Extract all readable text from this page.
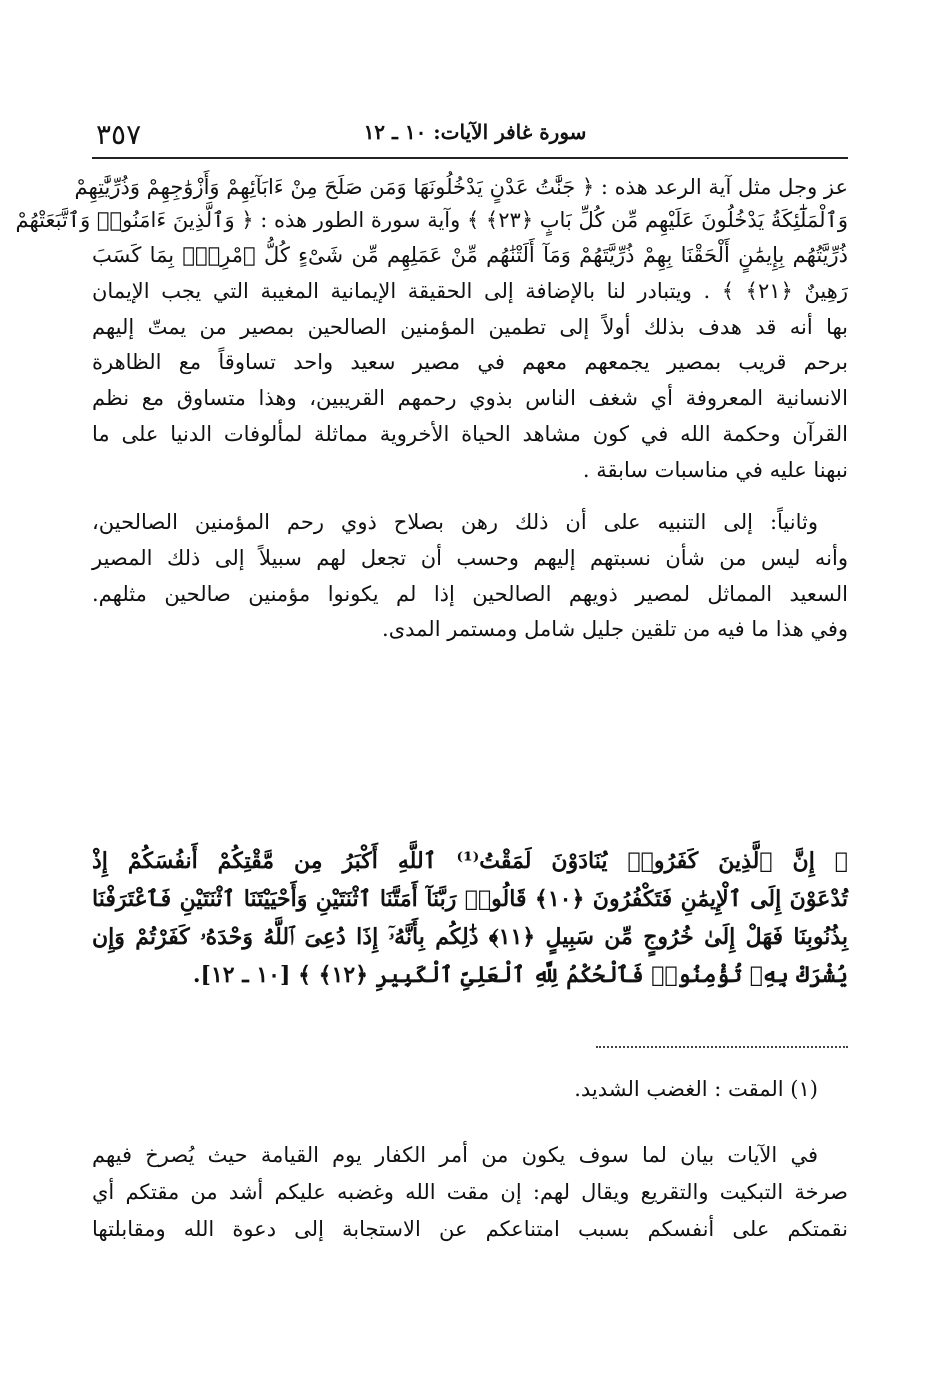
٣٥٧	سورة غافر الآيات: ١٠ ـ ١٢
عز وجل مثل آية الرعد هذه : ﴿ جَنَّٰتُ عَدْنٍ يَدْخُلُونَهَا وَمَن صَلَحَ مِنْ ءَابَآئِهِمْ وَأَزْوَٰجِهِمْ وَذُرِّيَّٰتِهِمْ
وَٱلْمَلَٰٓئِكَةُ يَدْخُلُونَ عَلَيْهِم مِّن كُلِّ بَابٍ ﴿٢٣﴾ ﴾ وآية سورة الطور هذه : ﴿ وَٱلَّذِينَ ءَامَنُوا۟ وَٱتَّبَعَتْهُمْ
ذُرِّيَّتُهُم بِإِيمَٰنٍ أَلْحَقْنَا بِهِمْ ذُرِّيَّتَهُمْ وَمَآ أَلَتْنَٰهُم مِّنْ عَمَلِهِم مِّن شَىْءٍ كُلُّ ٱمْرِئٍۭ بِمَا كَسَبَ
رَهِينٌ ﴿٢١﴾ ﴾ . ويتبادر لنا بالإضافة إلى الحقيقة الإيمانية المغيبة التي يجب الإيمان
بها أنه قد هدف بذلك أولاً إلى تطمين المؤمنين الصالحين بمصير من يمتّ إليهم
برحم قريب بمصير يجمعهم معهم في مصير سعيد واحد تساوقاً مع الظاهرة
الانسانية المعروفة أي شغف الناس بذوي رحمهم القريبين، وهذا متساوق مع نظم
القرآن وحكمة الله في كون مشاهد الحياة الأخروية مماثلة لمألوفات الدنيا على ما
نبهنا عليه في مناسبات سابقة .
وثانياً: إلى التنبيه على أن ذلك رهن بصلاح ذوي رحم المؤمنين الصالحين،
وأنه ليس من شأن نسبتهم إليهم وحسب أن تجعل لهم سبيلاً إلى ذلك المصير
السعيد المماثل لمصير ذويهم الصالحين إذا لم يكونوا مؤمنين صالحين مثلهم.
وفي هذا ما فيه من تلقين جليل شامل ومستمر المدى.
﴿ إِنَّ ٱلَّذِينَ كَفَرُوا۟ يُنَادَوْنَ لَمَقْتُ⁽¹⁾ ٱللَّهِ أَكْبَرُ مِن مَّقْتِكُمْ أَنفُسَكُمْ إِذْ
تُدْعَوْنَ إِلَى ٱلْإِيمَٰنِ فَتَكْفُرُونَ ﴿١٠﴾ قَالُوا۟ رَبَّنَآ أَمَتَّنَا ٱثْنَتَيْنِ وَأَحْيَيْتَنَا ٱثْنَتَيْنِ فَٱعْتَرَفْنَا
بِذُنُوبِنَا فَهَلْ إِلَىٰ خُرُوجٍ مِّن سَبِيلٍ ﴿١١﴾ ذَٰلِكُم بِأَنَّهُۥٓ إِذَا دُعِىَ ٱللَّهُ وَحْدَهُۥ كَفَرْتُمْ وَإِن
يُشْرَكْ بِهِۦ تُؤْمِنُوا۟ فَٱلْحُكْمُ لِلَّهِ ٱلْعَلِىِّ ٱلْكَبِيرِ ﴿١٢﴾ ﴾ [١٠ ـ ١٢].
في الآيات بيان لما سوف يكون من أمر الكفار يوم القيامة حيث يُصرخ فيهم
صرخة التبكيت والتقريع ويقال لهم: إن مقت الله وغضبه عليكم أشد من مقتكم أي
نقمتكم على أنفسكم بسبب امتناعكم عن الاستجابة إلى دعوة الله ومقابلتها
(١) المقت : الغضب الشديد.
